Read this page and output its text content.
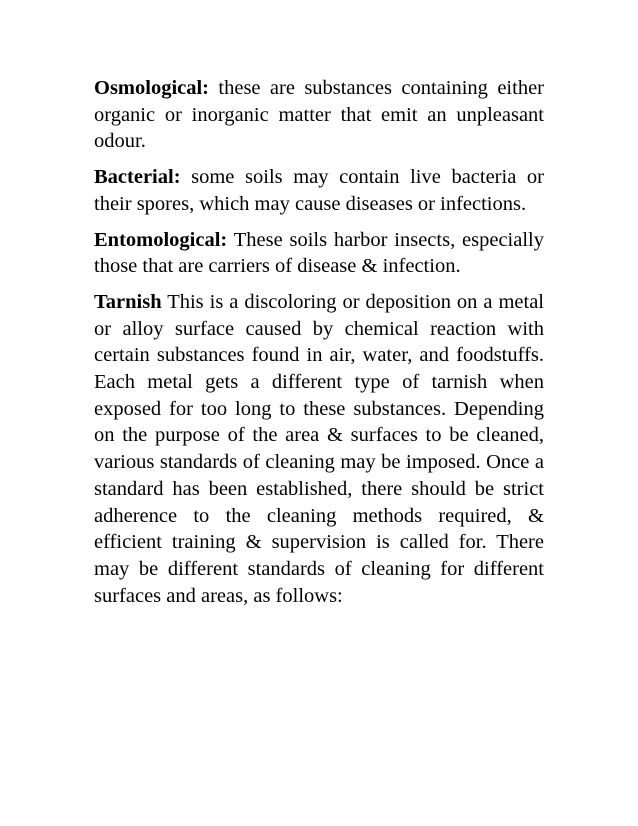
Osmological: these are substances containing either organic or inorganic matter that emit an unpleasant odour.

Bacterial: some soils may contain live bacteria or their spores, which may cause diseases or infections.

Entomological: These soils harbor insects, especially those that are carriers of disease & infection.

Tarnish This is a discoloring or deposition on a metal or alloy surface caused by chemical reaction with certain substances found in air, water, and foodstuffs. Each metal gets a different type of tarnish when exposed for too long to these substances. Depending on the purpose of the area & surfaces to be cleaned, various standards of cleaning may be imposed. Once a standard has been established, there should be strict adherence to the cleaning methods required, & efficient training & supervision is called for. There may be different standards of cleaning for different surfaces and areas, as follows:
